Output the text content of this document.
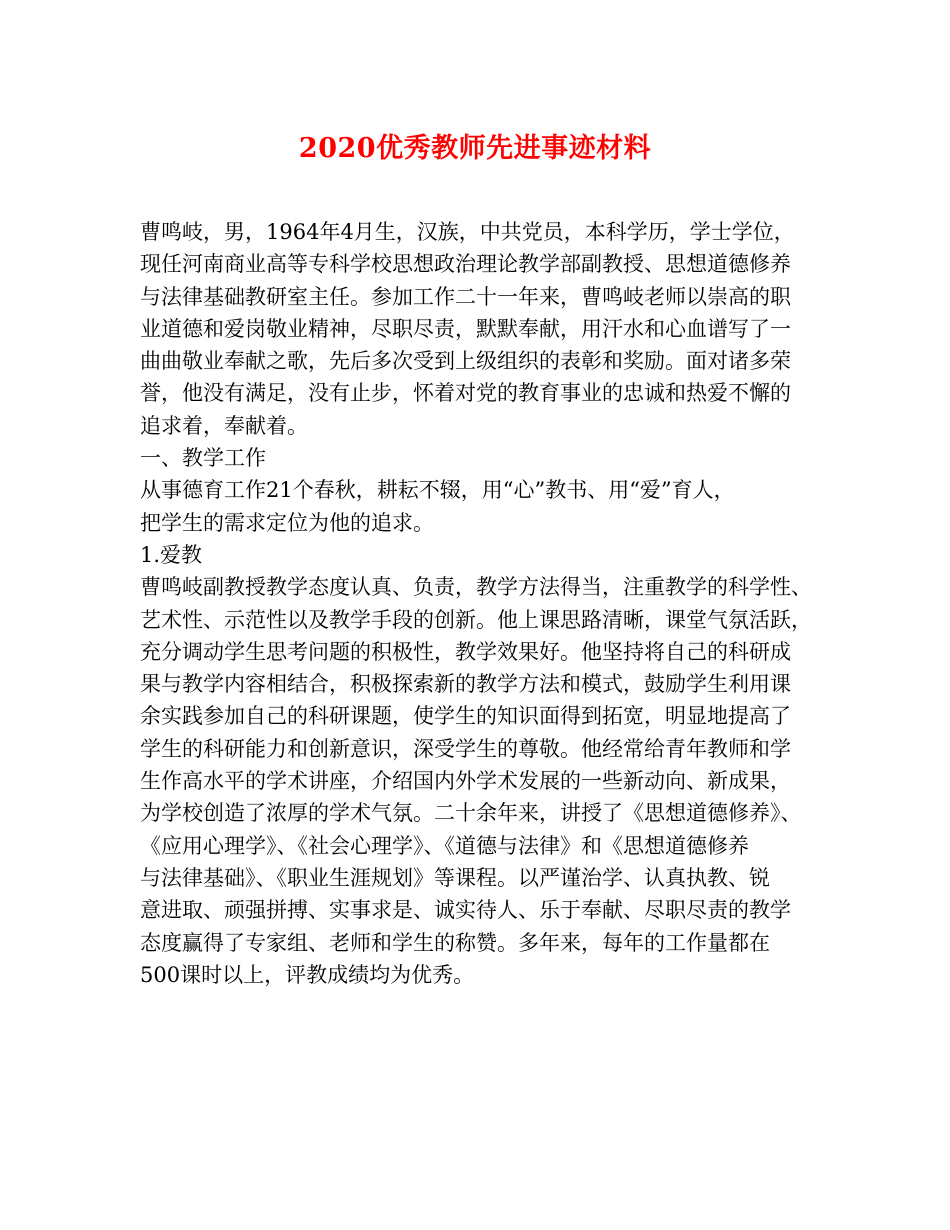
2020优秀教师先进事迹材料
曹鸣岐，男，1964年4月生，汉族，中共党员，本科学历，学士学位，
现任河南商业高等专科学校思想政治理论教学部副教授、思想道德修养
与法律基础教研室主任。参加工作二十一年来，曹鸣岐老师以崇高的职
业道德和爱岗敬业精神，尽职尽责，默默奉献，用汗水和心血谱写了一
曲曲敬业奉献之歌，先后多次受到上级组织的表彰和奖励。面对诸多荣
誉，他没有满足，没有止步，怀着对党的教育事业的忠诚和热爱不懈的
追求着，奉献着。
一、教学工作
从事德育工作21个春秋，耕耘不辍，用“心”教书、用“爱”育人，
把学生的需求定位为他的追求。
1.爱教
曹鸣岐副教授教学态度认真、负责，教学方法得当，注重教学的科学性、
艺术性、示范性以及教学手段的创新。他上课思路清晰，课堂气氛活跃，
充分调动学生思考问题的积极性，教学效果好。他坚持将自己的科研成
果与教学内容相结合，积极探索新的教学方法和模式，鼓励学生利用课
余实践参加自己的科研课题，使学生的知识面得到拓宽，明显地提高了
学生的科研能力和创新意识，深受学生的尊敬。他经常给青年教师和学
生作高水平的学术讲座，介绍国内外学术发展的一些新动向、新成果，
为学校创造了浓厚的学术气氛。二十余年来，讲授了《思想道德修养》、
《应用心理学》、《社会心理学》、《道德与法律》和《思想道德修养
与法律基础》、《职业生涯规划》等课程。以严谨治学、认真执教、锐
意进取、顽强拼搏、实事求是、诚实待人、乐于奉献、尽职尽责的教学
态度赢得了专家组、老师和学生的称赞。多年来，每年的工作量都在
500课时以上，评教成绩均为优秀。
